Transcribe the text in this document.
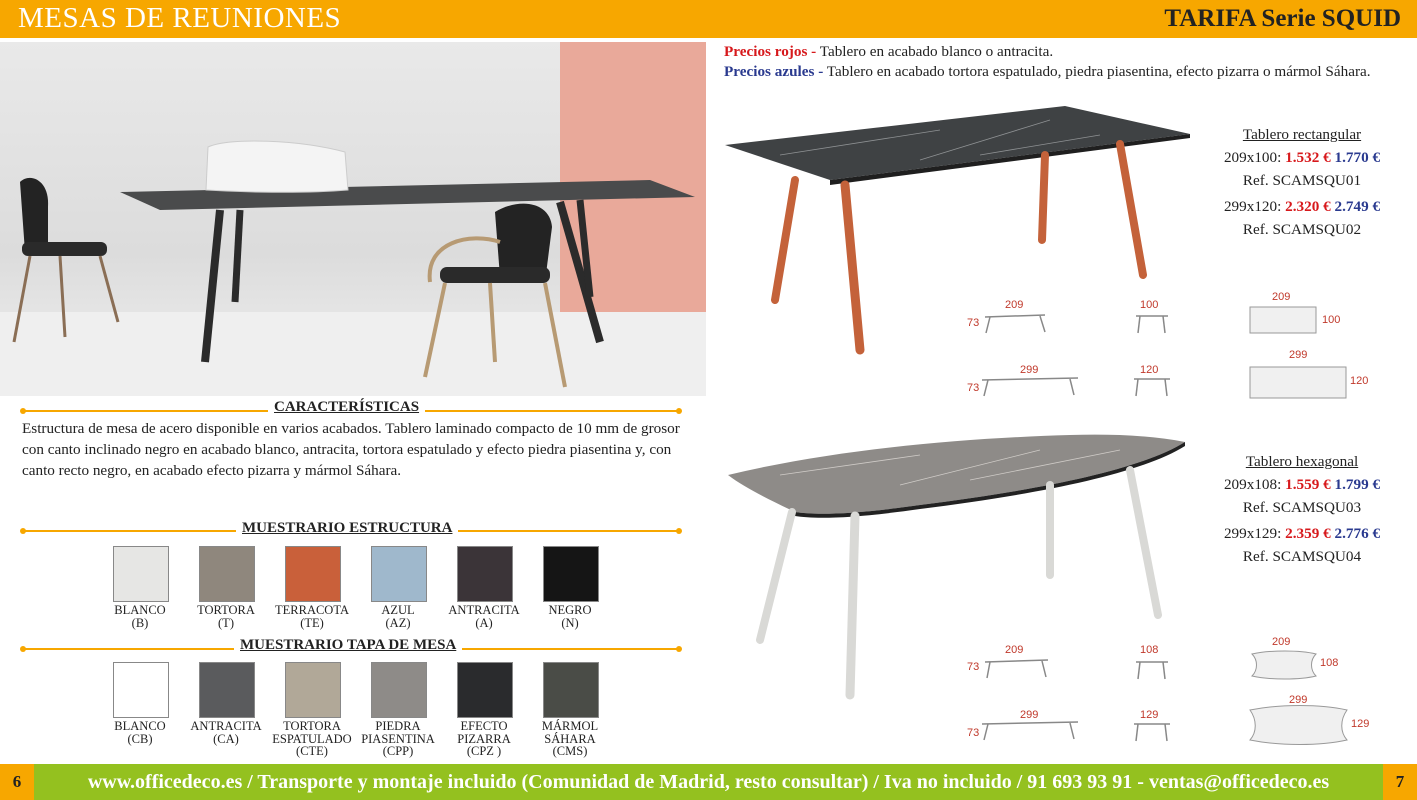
MESAS DE REUNIONES	TARIFA Serie SQUID
CARACTERÍSTICAS
Estructura de mesa de acero disponible en varios acabados. Tablero laminado compacto de 10 mm de grosor con canto inclinado negro en acabado blanco, antracita, tortora espatulado y efecto piedra piasentina y, con canto recto negro, en acabado efecto pizarra y mármol Sáhara.
MUESTRARIO ESTRUCTURA
BLANCO
(B)
TORTORA
(T)
TERRACOTA
(TE)
AZUL
(AZ)
ANTRACITA
(A)
NEGRO
(N)
MUESTRARIO TAPA DE MESA
BLANCO
(CB)
ANTRACITA
(CA)
TORTORA
ESPATULADO
(CTE)
PIEDRA
PIASENTINA
(CPP)
EFECTO
PIZARRA
(CPZ )
MÁRMOL
SÁHARA
(CMS)
Precios rojos - Tablero en acabado blanco o antracita.
Precios azules - Tablero en acabado tortora espatulado, piedra piasentina, efecto pizarra o mármol Sáhara.
Tablero rectangular
209x100: 1.532 € 1.770 €
Ref. SCAMSQU01
299x120: 2.320 € 2.749 €
Ref. SCAMSQU02
209
73
100
299
73
120
209
100
299
120
Tablero hexagonal
209x108: 1.559 € 1.799 €
Ref. SCAMSQU03
299x129: 2.359 € 2.776 €
Ref. SCAMSQU04
209
73
108
299
73
129
209
108
299
129
6	7
www.officedeco.es / Transporte y montaje incluido (Comunidad de Madrid, resto consultar) / Iva no incluido / 91 693 93 91 - ventas@officedeco.es
